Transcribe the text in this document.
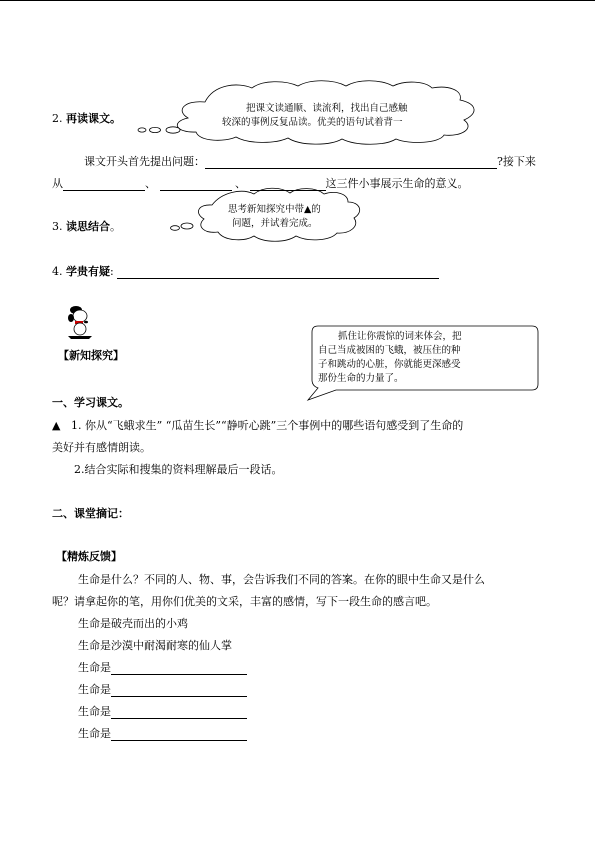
2. 再读课文。
把课文读通顺、读流利，找出自己感触
较深的事例反复品读。优美的语句试着背一
课文开头首先提出问题：	?接下来
从	、	、	这三件小事展示生命的意义。
3. 读思结合。
思考新知探究中带▲的
问题，并试着完成。
4. 学贵有疑:
【新知探究】
抓住让你震惊的词来体会，把
自己当成被困的飞蛾，被压住的种
子和跳动的心脏，你就能更深感受
那份生命的力量了。
一、学习课文。
▲ 1. 你从“飞蛾求生” “瓜苗生长”“静听心跳”三个事例中的哪些语句感受到了生命的
美好并有感情朗读。
2.结合实际和搜集的资料理解最后一段话。
二、课堂摘记：
【精炼反馈】
生命是什么？不同的人、物、事，会告诉我们不同的答案。在你的眼中生命又是什么
呢？请拿起你的笔，用你们优美的文采，丰富的感情，写下一段生命的感言吧。
生命是破壳而出的小鸡
生命是沙漠中耐渴耐寒的仙人掌
生命是
生命是
生命是
生命是
